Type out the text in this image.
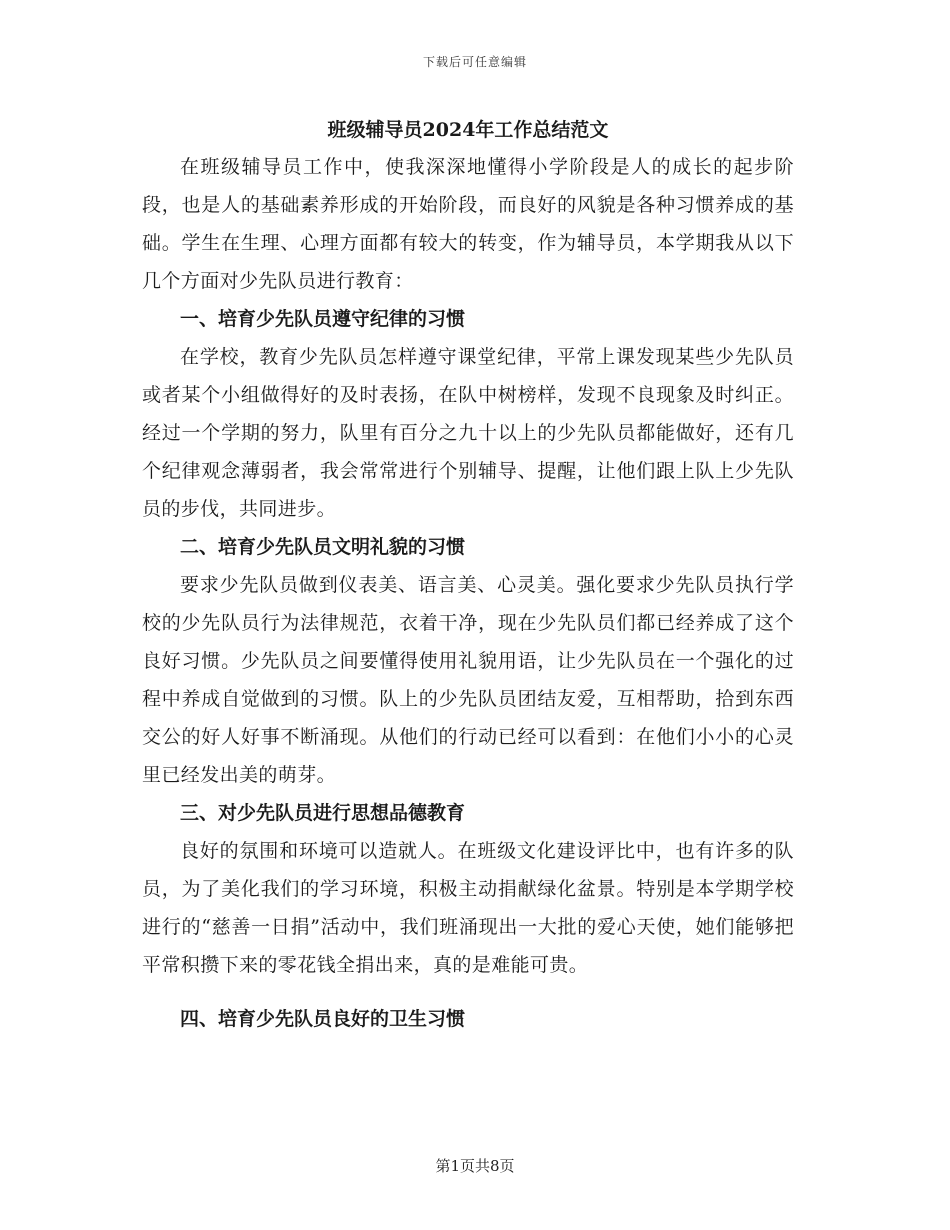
下载后可任意编辑
班级辅导员2024年工作总结范文

在班级辅导员工作中，使我深深地懂得小学阶段是人的成长的起步阶段，也是人的基础素养形成的开始阶段，而良好的风貌是各种习惯养成的基础。学生在生理、心理方面都有较大的转变，作为辅导员，本学期我从以下几个方面对少先队员进行教育：

一、培育少先队员遵守纪律的习惯

在学校，教育少先队员怎样遵守课堂纪律，平常上课发现某些少先队员或者某个小组做得好的及时表扬，在队中树榜样，发现不良现象及时纠正。经过一个学期的努力，队里有百分之九十以上的少先队员都能做好，还有几个纪律观念薄弱者，我会常常进行个别辅导、提醒，让他们跟上队上少先队员的步伐，共同进步。

二、培育少先队员文明礼貌的习惯

要求少先队员做到仪表美、语言美、心灵美。强化要求少先队员执行学校的少先队员行为法律规范，衣着干净，现在少先队员们都已经养成了这个良好习惯。少先队员之间要懂得使用礼貌用语，让少先队员在一个强化的过程中养成自觉做到的习惯。队上的少先队员团结友爱，互相帮助，拾到东西交公的好人好事不断涌现。从他们的行动已经可以看到：在他们小小的心灵里已经发出美的萌芽。

三、对少先队员进行思想品德教育

良好的氛围和环境可以造就人。在班级文化建设评比中，也有许多的队员，为了美化我们的学习环境，积极主动捐献绿化盆景。特别是本学期学校进行的“慈善一日捐”活动中，我们班涌现出一大批的爱心天使，她们能够把平常积攒下来的零花钱全捐出来，真的是难能可贵。

四、培育少先队员良好的卫生习惯
第1页共8页
